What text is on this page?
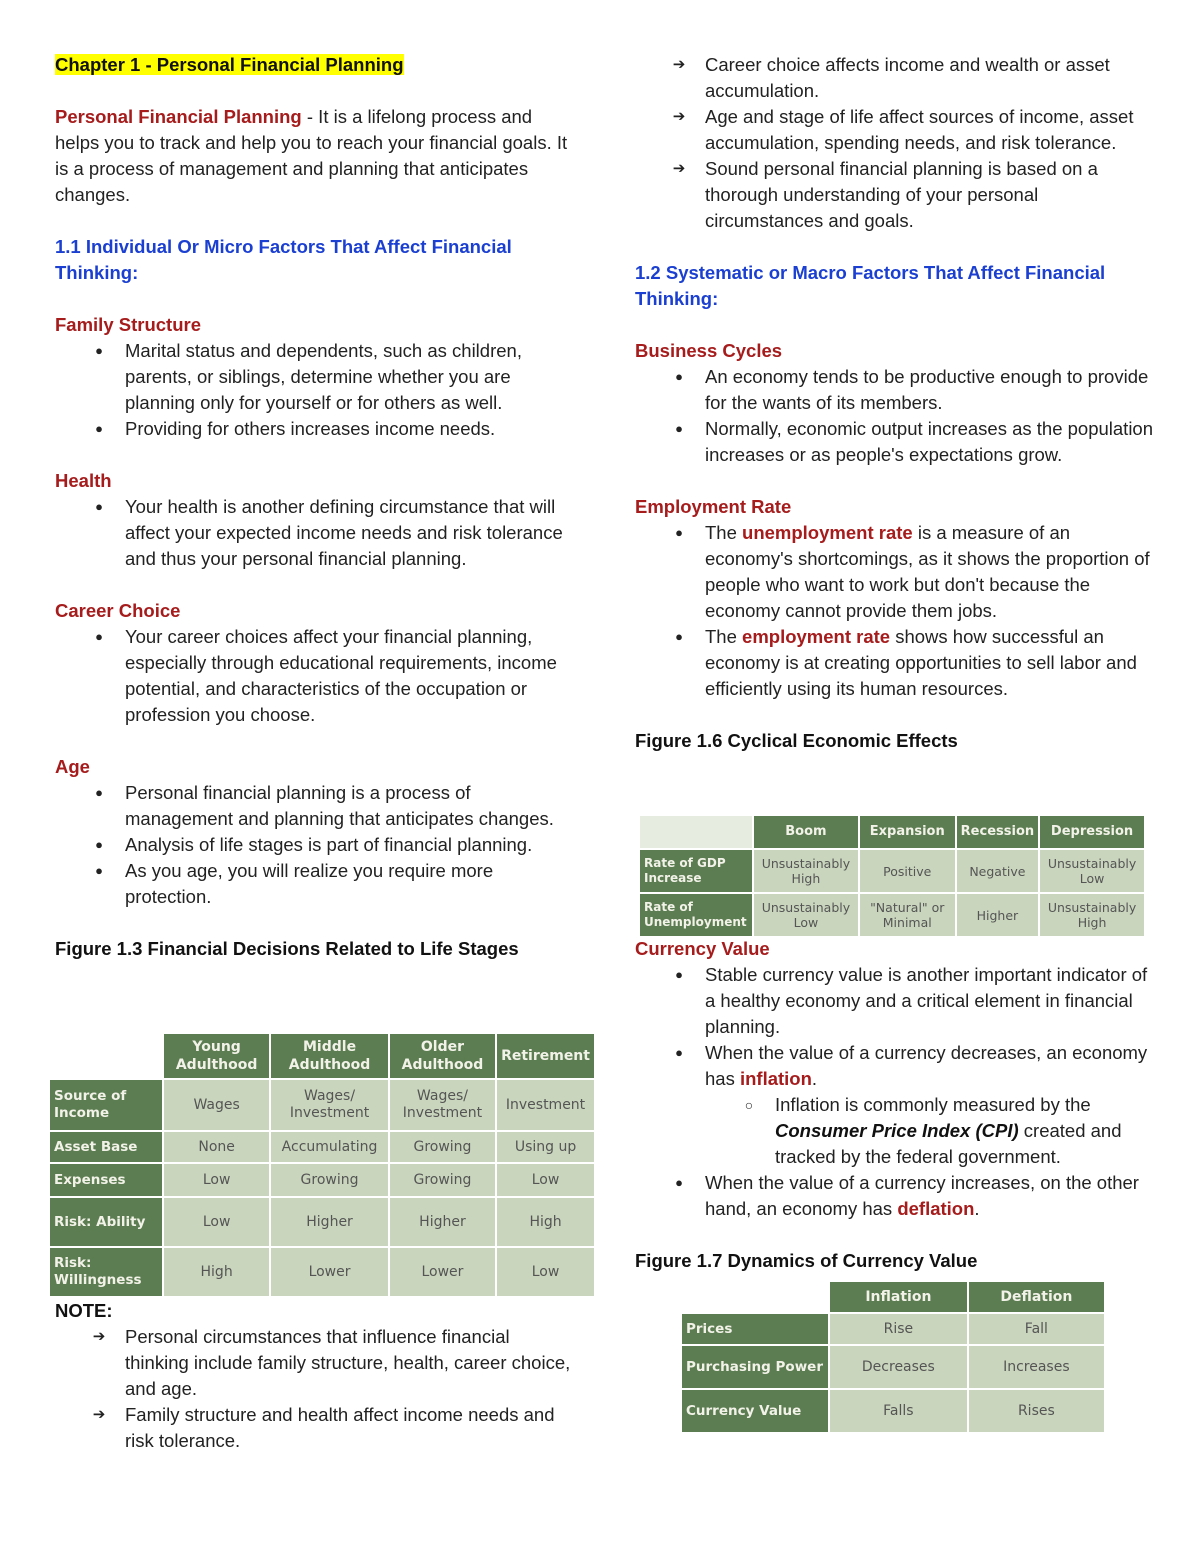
Chapter 1 - Personal Financial Planning

Personal Financial Planning - It is a lifelong process and helps you to track and help you to reach your financial goals. It is a process of management and planning that anticipates changes.

1.1 Individual Or Micro Factors That Affect Financial Thinking:

Family Structure

●	Marital status and dependents, such as children, parents, or siblings, determine whether you are planning only for yourself or for others as well.
●	Providing for others increases income needs.

Health

●	Your health is another defining circumstance that will affect your expected income needs and risk tolerance and thus your personal financial planning.

Career Choice

●	Your career choices affect your financial planning, especially through educational requirements, income potential, and characteristics of the occupation or profession you choose.

Age

●	Personal financial planning is a process of management and planning that anticipates changes.
●	Analysis of life stages is part of financial planning.
●	As you age, you will realize you require more protection.

Figure 1.3 Financial Decisions Related to Life Stages

	Young Adulthood	Middle Adulthood	Older Adulthood	Retirement
Source of Income	Wages	Wages/ Investment	Wages/ Investment	Investment
Asset Base	None	Accumulating	Growing	Using up
Expenses	Low	Growing	Growing	Low
Risk: Ability	Low	Higher	Higher	High
Risk: Willingness	High	Lower	Lower	Low

NOTE:

➔ Personal circumstances that influence financial thinking include family structure, health, career choice, and age.
➔ Family structure and health affect income needs and risk tolerance.
➔ Career choice affects income and wealth or asset accumulation.
➔ Age and stage of life affect sources of income, asset accumulation, spending needs, and risk tolerance.
➔ Sound personal financial planning is based on a thorough understanding of your personal circumstances and goals.

1.2 Systematic or Macro Factors That Affect Financial Thinking:

Business Cycles

●	An economy tends to be productive enough to provide for the wants of its members.
●	Normally, economic output increases as the population increases or as people's expectations grow.

Employment Rate

●	The unemployment rate is a measure of an economy's shortcomings, as it shows the proportion of people who want to work but don't because the economy cannot provide them jobs.
●	The employment rate shows how successful an economy is at creating opportunities to sell labor and efficiently using its human resources.

Figure 1.6 Cyclical Economic Effects

	Boom	Expansion	Recession	Depression
Rate of GDP Increase	Unsustainably High	Positive	Negative	Unsustainably Low
Rate of Unemployment	Unsustainably Low	"Natural" or Minimal	Higher	Unsustainably High

Currency Value

●	Stable currency value is another important indicator of a healthy economy and a critical element in financial planning.
●	When the value of a currency decreases, an economy has inflation.
○	Inflation is commonly measured by the Consumer Price Index (CPI) created and tracked by the federal government.
●	When the value of a currency increases, on the other hand, an economy has deflation.

Figure 1.7 Dynamics of Currency Value

	Inflation	Deflation
Prices	Rise	Fall
Purchasing Power	Decreases	Increases
Currency Value	Falls	Rises
